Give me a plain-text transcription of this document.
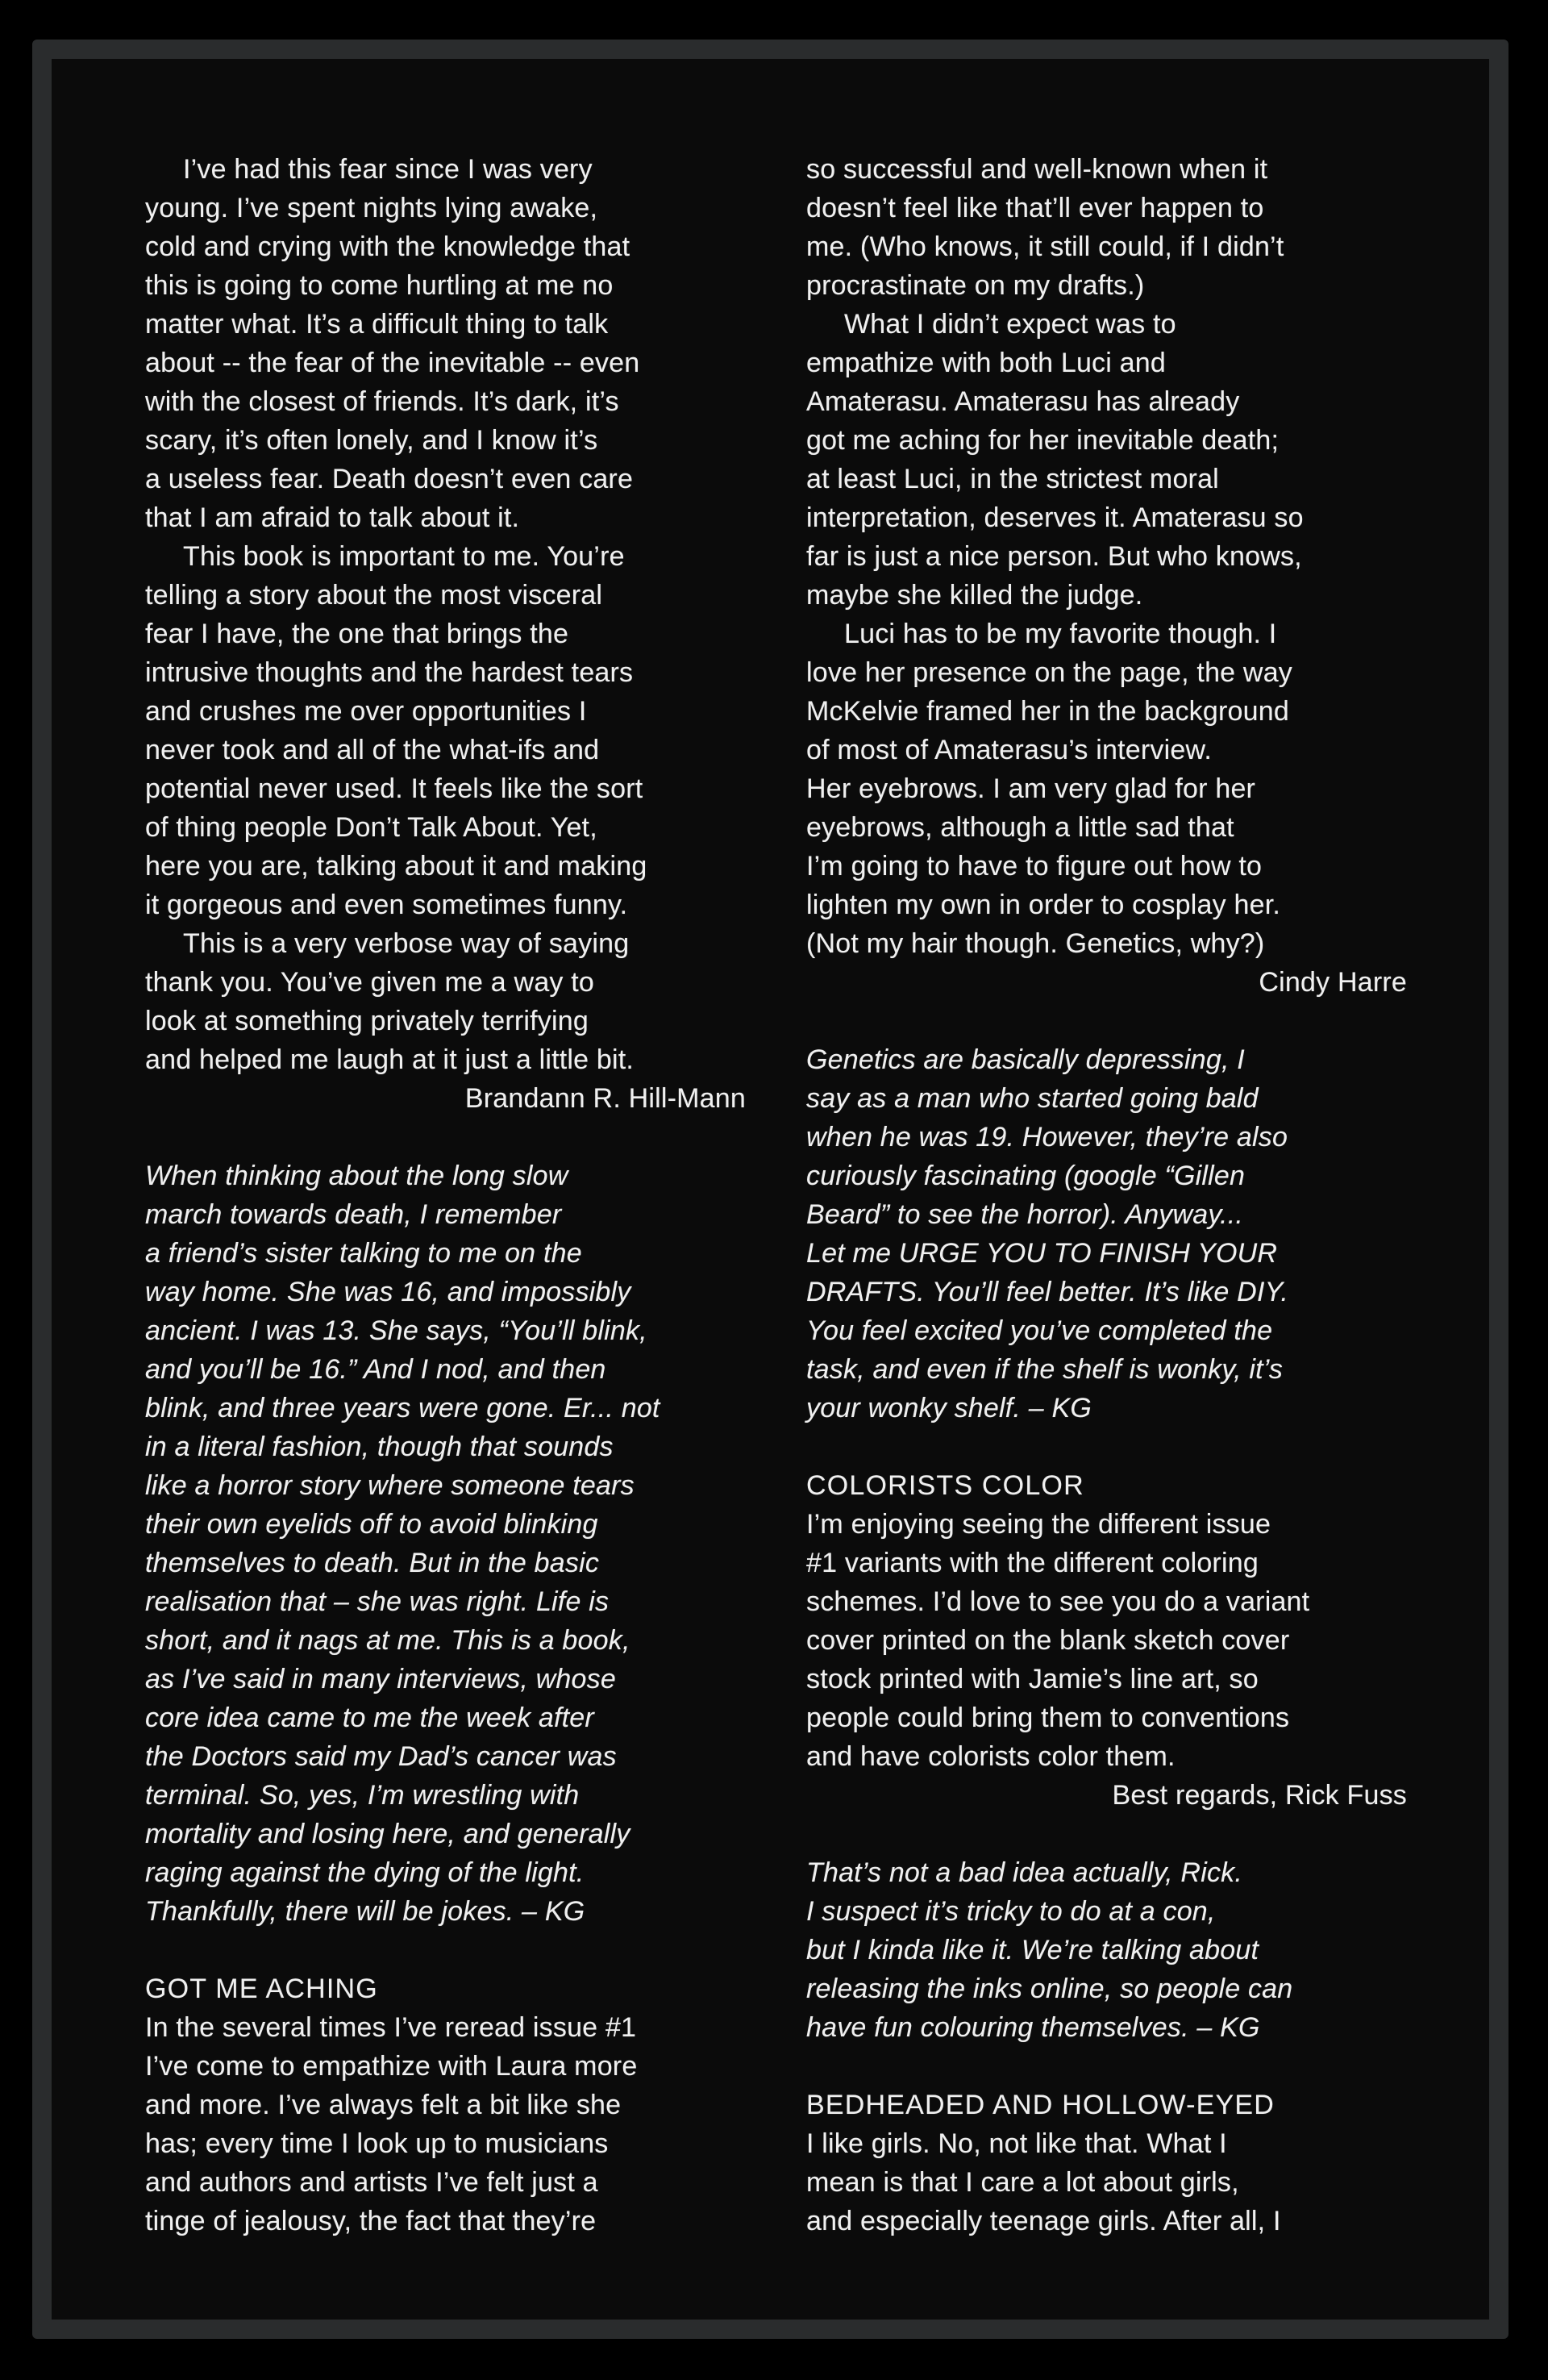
I’ve had this fear since I was very
young. I’ve spent nights lying awake,
cold and crying with the knowledge that
this is going to come hurtling at me no
matter what. It’s a difficult thing to talk
about -- the fear of the inevitable -- even
with the closest of friends. It’s dark, it’s
scary, it’s often lonely, and I know it’s
a useless fear. Death doesn’t even care
that I am afraid to talk about it.
This book is important to me. You’re
telling a story about the most visceral
fear I have, the one that brings the
intrusive thoughts and the hardest tears
and crushes me over opportunities I
never took and all of the what-ifs and
potential never used. It feels like the sort
of thing people Don’t Talk About. Yet,
here you are, talking about it and making
it gorgeous and even sometimes funny.
This is a very verbose way of saying
thank you. You’ve given me a way to
look at something privately terrifying
and helped me laugh at it just a little bit.
Brandann R. Hill-Mann
When thinking about the long slow
march towards death, I remember
a friend’s sister talking to me on the
way home. She was 16, and impossibly
ancient. I was 13. She says, “You’ll blink,
and you’ll be 16.” And I nod, and then
blink, and three years were gone. Er... not
in a literal fashion, though that sounds
like a horror story where someone tears
their own eyelids off to avoid blinking
themselves to death. But in the basic
realisation that – she was right. Life is
short, and it nags at me. This is a book,
as I’ve said in many interviews, whose
core idea came to me the week after
the Doctors said my Dad’s cancer was
terminal. So, yes, I’m wrestling with
mortality and losing here, and generally
raging against the dying of the light.
Thankfully, there will be jokes. – KG
GOT ME ACHING
In the several times I’ve reread issue #1
I’ve come to empathize with Laura more
and more. I’ve always felt a bit like she
has; every time I look up to musicians
and authors and artists I’ve felt just a
tinge of jealousy, the fact that they’re
so successful and well-known when it
doesn’t feel like that’ll ever happen to
me. (Who knows, it still could, if I didn’t
procrastinate on my drafts.)
What I didn’t expect was to
empathize with both Luci and
Amaterasu. Amaterasu has already
got me aching for her inevitable death;
at least Luci, in the strictest moral
interpretation, deserves it. Amaterasu so
far is just a nice person. But who knows,
maybe she killed the judge.
Luci has to be my favorite though. I
love her presence on the page, the way
McKelvie framed her in the background
of most of Amaterasu’s interview.
Her eyebrows. I am very glad for her
eyebrows, although a little sad that
I’m going to have to figure out how to
lighten my own in order to cosplay her.
(Not my hair though. Genetics, why?)
Cindy Harre
Genetics are basically depressing, I
say as a man who started going bald
when he was 19. However, they’re also
curiously fascinating (google “Gillen
Beard” to see the horror). Anyway...
Let me URGE YOU TO FINISH YOUR
DRAFTS. You’ll feel better. It’s like DIY.
You feel excited you’ve completed the
task, and even if the shelf is wonky, it’s
your wonky shelf. – KG
COLORISTS COLOR
I’m enjoying seeing the different issue
#1 variants with the different coloring
schemes. I’d love to see you do a variant
cover printed on the blank sketch cover
stock printed with Jamie’s line art, so
people could bring them to conventions
and have colorists color them.
Best regards, Rick Fuss
That’s not a bad idea actually, Rick.
I suspect it’s tricky to do at a con,
but I kinda like it. We’re talking about
releasing the inks online, so people can
have fun colouring themselves. – KG
BEDHEADED AND HOLLOW-EYED
I like girls. No, not like that. What I
mean is that I care a lot about girls,
and especially teenage girls. After all, I
